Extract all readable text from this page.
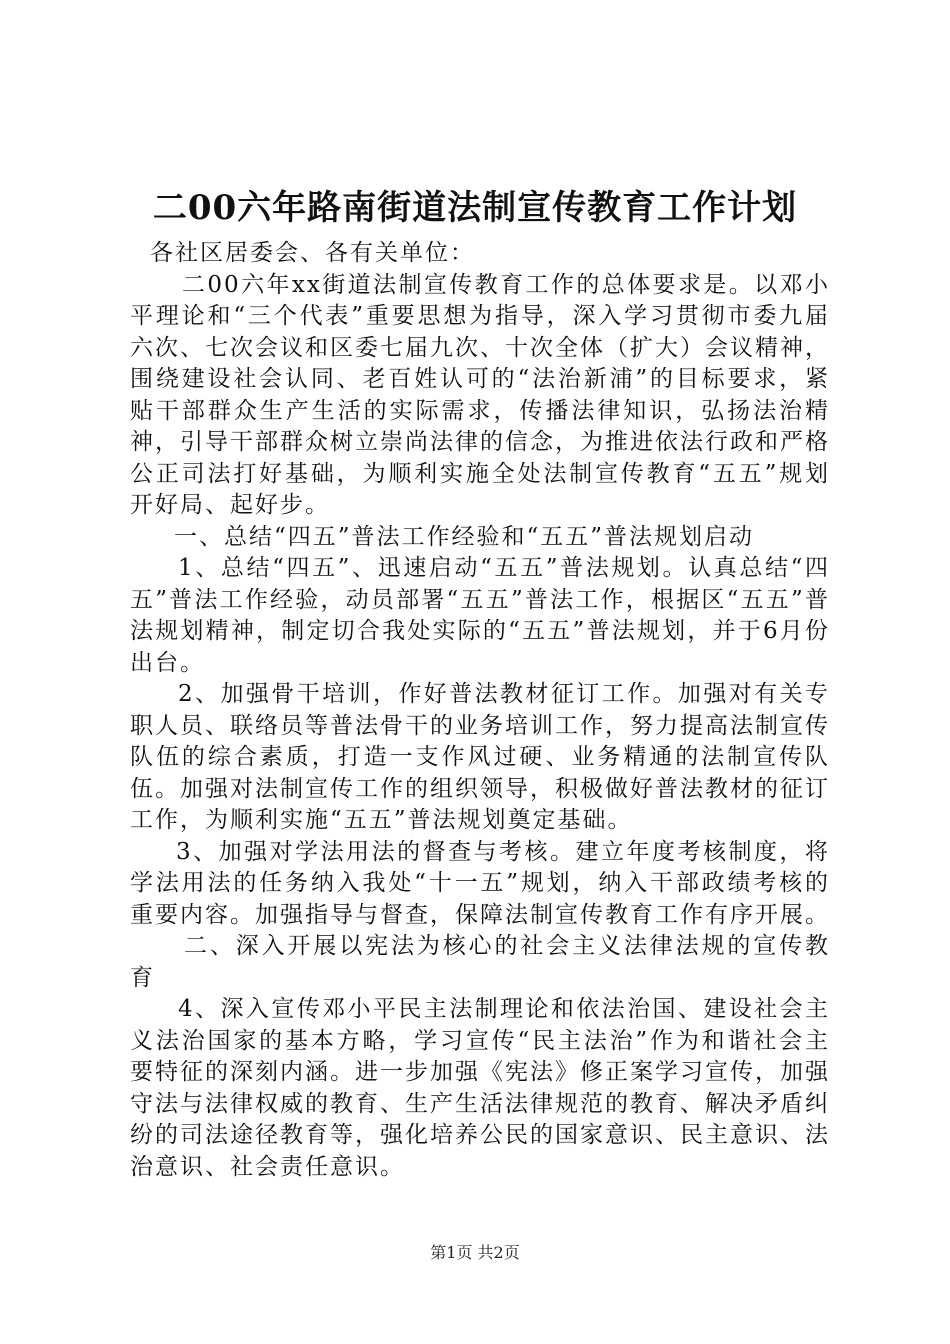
二00六年路南街道法制宣传教育工作计划

各社区居委会、各有关单位：

二00六年xx街道法制宣传教育工作的总体要求是。以邓小平理论和“三个代表”重要思想为指导，深入学习贯彻市委九届六次、七次会议和区委七届九次、十次全体（扩大）会议精神，围绕建设社会认同、老百姓认可的“法治新浦”的目标要求，紧贴干部群众生产生活的实际需求，传播法律知识，弘扬法治精神，引导干部群众树立崇尚法律的信念，为推进依法行政和严格公正司法打好基础，为顺利实施全处法制宣传教育“五五”规划开好局、起好步。

一、总结“四五”普法工作经验和“五五”普法规划启动

1、总结“四五”、迅速启动“五五”普法规划。认真总结“四五”普法工作经验，动员部署“五五”普法工作，根据区“五五”普法规划精神，制定切合我处实际的“五五”普法规划，并于6月份出台。

2、加强骨干培训，作好普法教材征订工作。加强对有关专职人员、联络员等普法骨干的业务培训工作，努力提高法制宣传队伍的综合素质，打造一支作风过硬、业务精通的法制宣传队伍。加强对法制宣传工作的组织领导，积极做好普法教材的征订工作，为顺利实施“五五”普法规划奠定基础。

3、加强对学法用法的督查与考核。建立年度考核制度，将学法用法的任务纳入我处“十一五”规划，纳入干部政绩考核的重要内容。加强指导与督查，保障法制宣传教育工作有序开展。

二、深入开展以宪法为核心的社会主义法律法规的宣传教育

4、深入宣传邓小平民主法制理论和依法治国、建设社会主义法治国家的基本方略，学习宣传“民主法治”作为和谐社会主要特征的深刻内涵。进一步加强《宪法》修正案学习宣传，加强守法与法律权威的教育、生产生活法律规范的教育、解决矛盾纠纷的司法途径教育等，强化培养公民的国家意识、民主意识、法治意识、社会责任意识。

第1页 共2页
